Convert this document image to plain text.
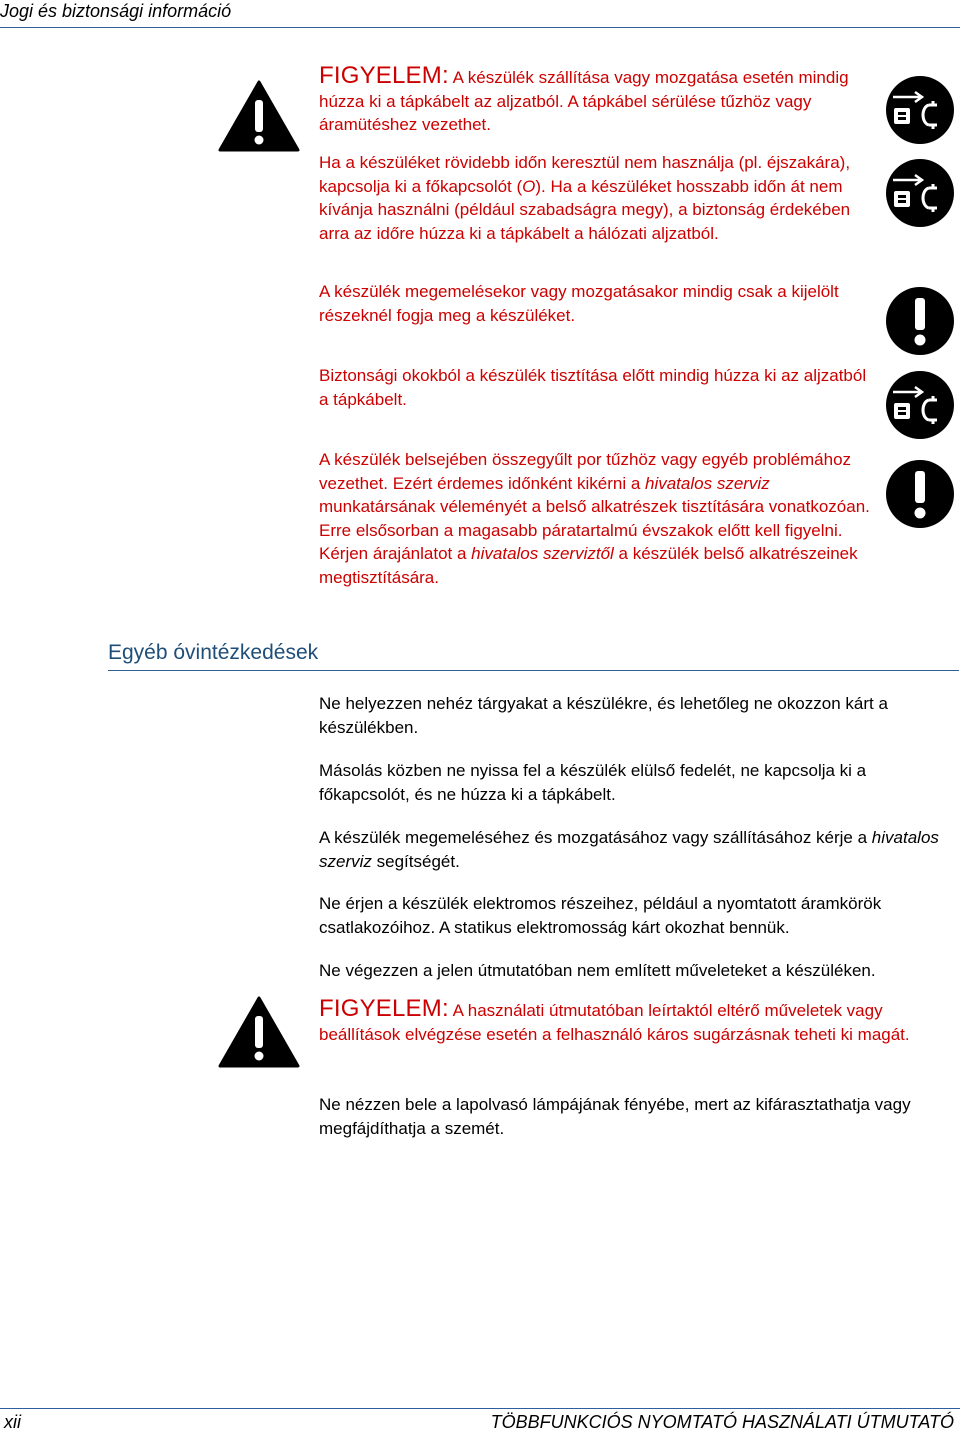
Jogi és biztonsági információ
FIGYELEM: A készülék szállítása vagy mozgatása esetén mindig húzza ki a tápkábelt az aljzatból. A tápkábel sérülése tűzhöz vagy áramütéshez vezethet.
Ha a készüléket rövidebb időn keresztül nem használja (pl. éjszakára), kapcsolja ki a főkapcsolót (O). Ha a készüléket hosszabb időn át nem kívánja használni (például szabadságra megy), a biztonság érdekében arra az időre húzza ki a tápkábelt a hálózati aljzatból.
A készülék megemelésekor vagy mozgatásakor mindig csak a kijelölt részeknél fogja meg a készüléket.
Biztonsági okokból a készülék tisztítása előtt mindig húzza ki az aljzatból a tápkábelt.
A készülék belsejében összegyűlt por tűzhöz vagy egyéb problémához vezethet. Ezért érdemes időnként kikérni a hivatalos szerviz munkatársának véleményét a belső alkatrészek tisztítására vonatkozóan. Erre elsősorban a magasabb páratartalmú évszakok előtt kell figyelni. Kérjen árajánlatot a hivatalos szerviztől a készülék belső alkatrészeinek megtisztítására.
Egyéb óvintézkedések
Ne helyezzen nehéz tárgyakat a készülékre, és lehetőleg ne okozzon kárt a készülékben.
Másolás közben ne nyissa fel a készülék elülső fedelét, ne kapcsolja ki a főkapcsolót, és ne húzza ki a tápkábelt.
A készülék megemeléséhez és mozgatásához vagy szállításához kérje a hivatalos szerviz segítségét.
Ne érjen a készülék elektromos részeihez, például a nyomtatott áramkörök csatlakozóihoz. A statikus elektromosság kárt okozhat bennük.
Ne végezzen a jelen útmutatóban nem említett műveleteket a készüléken.
FIGYELEM: A használati útmutatóban leírtaktól eltérő műveletek vagy beállítások elvégzése esetén a felhasználó káros sugárzásnak teheti ki magát.
Ne nézzen bele a lapolvasó lámpájának fényébe, mert az kifárasztathatja vagy megfájdíthatja a szemét.
xii	TÖBBFUNKCIÓS NYOMTATÓ HASZNÁLATI ÚTMUTATÓ
